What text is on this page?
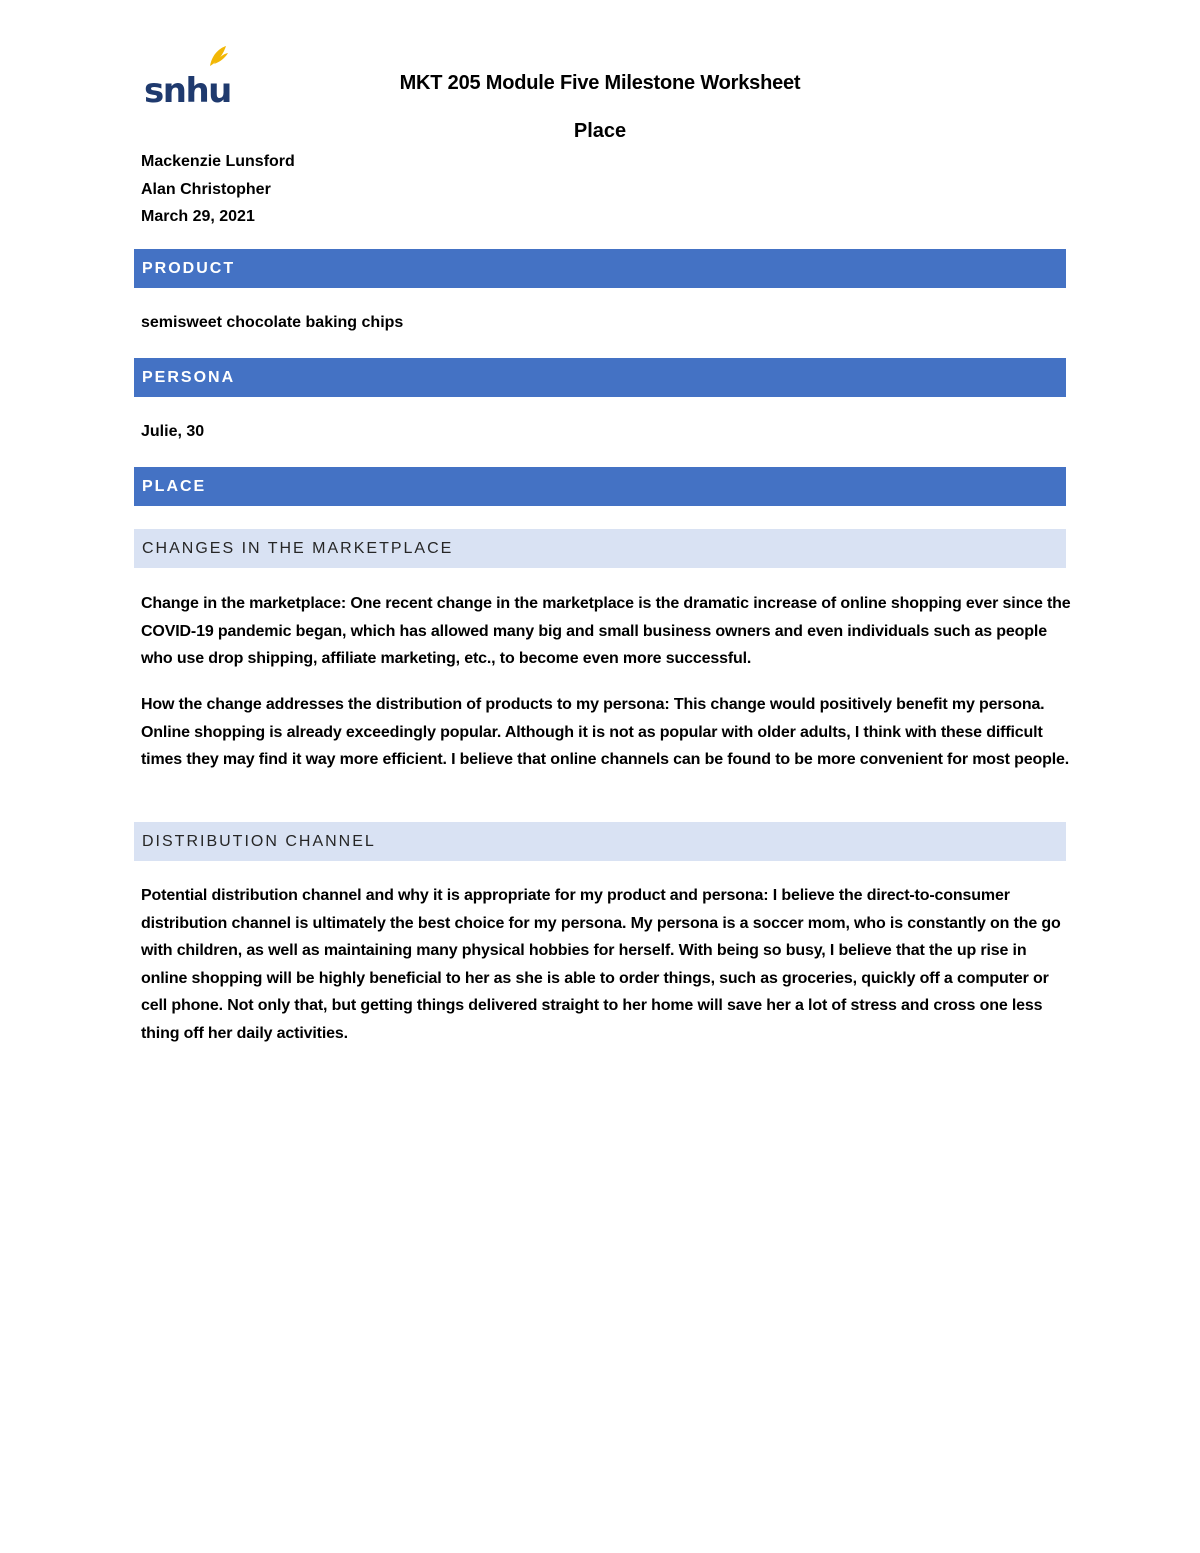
snhu	MKT 205 Module Five Milestone Worksheet
Place
Mackenzie Lunsford
Alan Christopher
March 29, 2021
PRODUCT
semisweet chocolate baking chips
PERSONA
Julie, 30
PLACE
CHANGES IN THE MARKETPLACE
Change in the marketplace: One recent change in the marketplace is the dramatic increase of online shopping ever since the COVID-19 pandemic began, which has allowed many big and small business owners and even individuals such as people who use drop shipping, affiliate marketing, etc., to become even more successful.
How the change addresses the distribution of products to my persona: This change would positively benefit my persona. Online shopping is already exceedingly popular. Although it is not as popular with older adults, I think with these difficult times they may find it way more efficient. I believe that online channels can be found to be more convenient for most people.
DISTRIBUTION CHANNEL
Potential distribution channel and why it is appropriate for my product and persona: I believe the direct-to-consumer distribution channel is ultimately the best choice for my persona. My persona is a soccer mom, who is constantly on the go with children, as well as maintaining many physical hobbies for herself. With being so busy, I believe that the up rise in online shopping will be highly beneficial to her as she is able to order things, such as groceries, quickly off a computer or cell phone. Not only that, but getting things delivered straight to her home will save her a lot of stress and cross one less thing off her daily activities.
